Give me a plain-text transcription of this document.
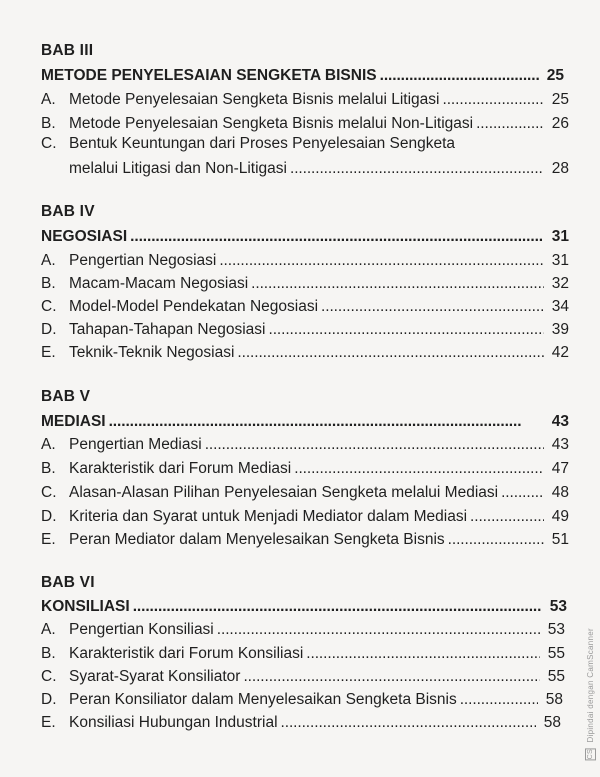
BAB III
METODE PENYELESAIAN SENGKETA BISNIS . . .	25
A. Metode Penyelesaian Sengketa Bisnis melalui Litigasi . . .	25
B. Metode Penyelesaian Sengketa Bisnis melalui Non-Litigasi . . .	26
C. Bentuk Keuntungan dari Proses Penyelesaian Sengketa
melalui Litigasi dan Non-Litigasi . . .	28
BAB IV
NEGOSIASI . . .	31
A. Pengertian Negosiasi . . .	31
B. Macam-Macam Negosiasi . . .	32
C. Model-Model Pendekatan Negosiasi . . .	34
D. Tahapan-Tahapan Negosiasi . . .	39
E. Teknik-Teknik Negosiasi . . .	42
BAB V
MEDIASI . . .	43
A. Pengertian Mediasi . . .	43
B. Karakteristik dari Forum Mediasi . . .	47
C. Alasan-Alasan Pilihan Penyelesaian Sengketa melalui Mediasi . . .	48
D. Kriteria dan Syarat untuk Menjadi Mediator dalam Mediasi . . .	49
E. Peran Mediator dalam Menyelesaikan Sengketa Bisnis . . .	51
BAB VI
KONSILIASI . . .	53
A. Pengertian Konsiliasi . . .	53
B. Karakteristik dari Forum Konsiliasi . . .	55
C. Syarat-Syarat Konsiliator . . .	55
D. Peran Konsiliator dalam Menyelesaikan Sengketa Bisnis . . .	58
E. Konsiliasi Hubungan Industrial . . .	58
CS Dipindai dengan CamScanner
